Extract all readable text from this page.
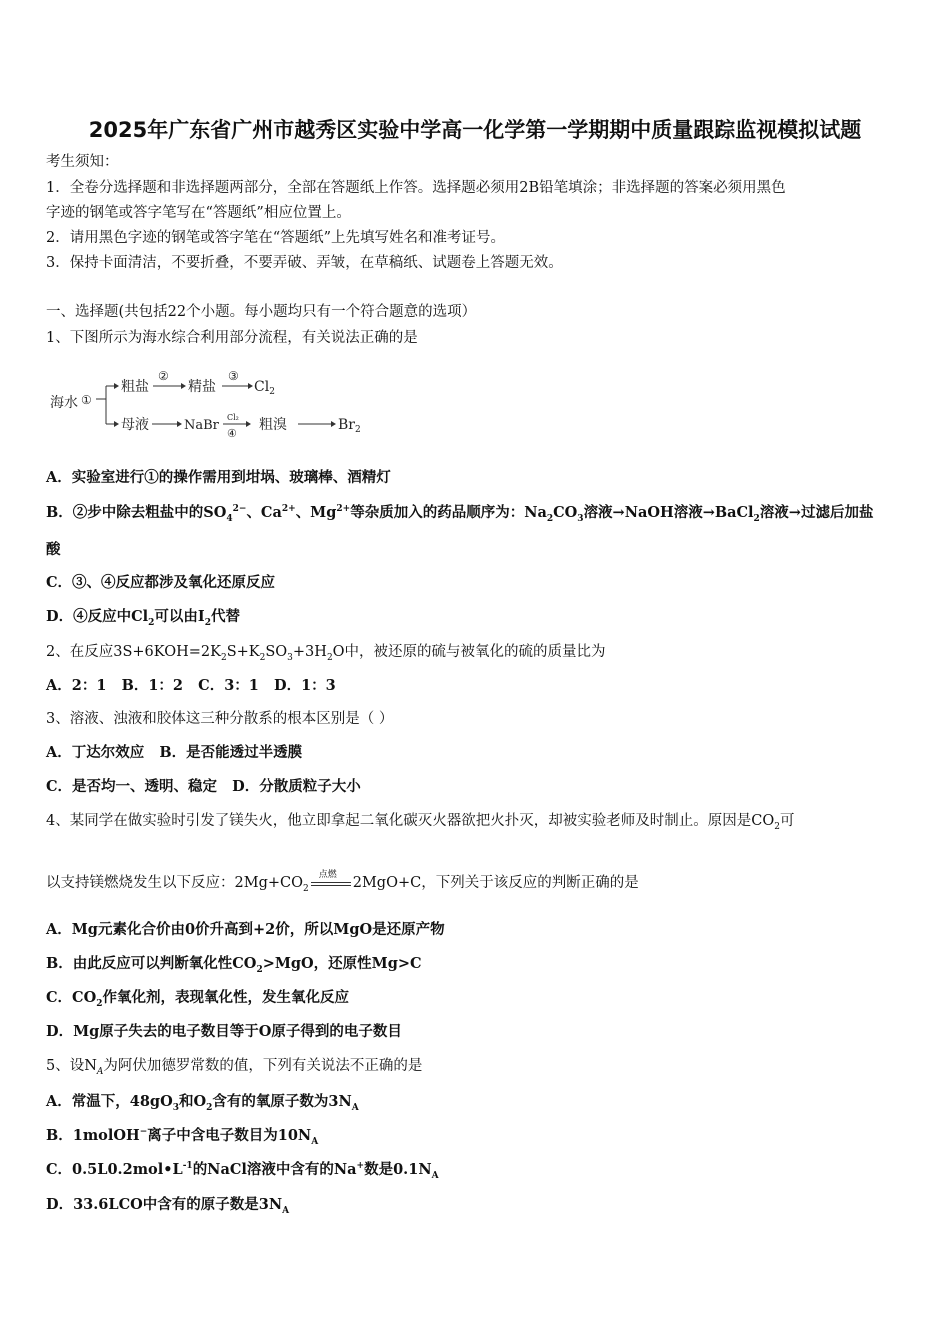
2025年广东省广州市越秀区实验中学高一化学第一学期期中质量跟踪监视模拟试题
考生须知：
1．全卷分选择题和非选择题两部分，全部在答题纸上作答。选择题必须用2B铅笔填涂；非选择题的答案必须用黑色
字迹的钢笔或答字笔写在“答题纸”相应位置上。
2．请用黑色字迹的钢笔或答字笔在“答题纸”上先填写姓名和准考证号。
3．保持卡面清洁，不要折叠，不要弄破、弄皱，在草稿纸、试题卷上答题无效。
一、选择题(共包括22个小题。每小题均只有一个符合题意的选项）
1、下图所示为海水综合利用部分流程，有关说法正确的是
海水 ①
粗盐
②
精盐
③
$Cl_2$
母液	NaBr
Cl₂
④
粗溴	$Br_2$
A．实验室进行①的操作需用到坩埚、玻璃棒、酒精灯
B．②步中除去粗盐中的$SO_4^{2-}$、$Ca^{2+}$、$Mg^{2+}$等杂质加入的药品顺序为：$Na_2CO_3$溶液→NaOH溶液→BaCl$_2$溶液→过滤后加盐
酸
C．③、④反应都涉及氧化还原反应
D．④反应中$Cl_2$可以由$I_2$代替
2、在反应$3S+6KOH=2K_2S+K_2SO_3+3H_2O$中，被还原的硫与被氧化的硫的质量比为
A．2：1   B．1：2   C．3：1   D．1：3
3、溶液、浊液和胶体这三种分散系的根本区别是（ ）
A．丁达尔效应   B．是否能透过半透膜
C．是否均一、透明、稳定   D．分散质粒子大小
4、某同学在做实验时引发了镁失火，他立即拿起二氧化碳灭火器欲把火扑灭，却被实验老师及时制止。原因是$CO_2$可
以支持镁燃烧发生以下反应：$2Mg+CO_2$
点燃 2MgO+C，下列关于该反应的判断正确的是
A．Mg元素化合价由0价升高到+2价，所以MgO是还原产物
B．由此反应可以判断氧化性$CO_2>MgO$，还原性Mg>C
C．$CO_2$作氧化剂，表现氧化性，发生氧化反应
D．Mg原子失去的电子数目等于O原子得到的电子数目
5、设$N_A$为阿伏加德罗常数的值，下列有关说法不正确的是
A．常温下，$48gO_3$和$O_2$含有的氧原子数为$3N_A$
B．1molOH−离子中含电子数目为$10N_A$
C．$0.5L0.2mol•L^{-1}$的NaCl溶液中含有的Na+数是$0.1N_A$
D．33.6LCO中含有的原子数是$3N_A$
